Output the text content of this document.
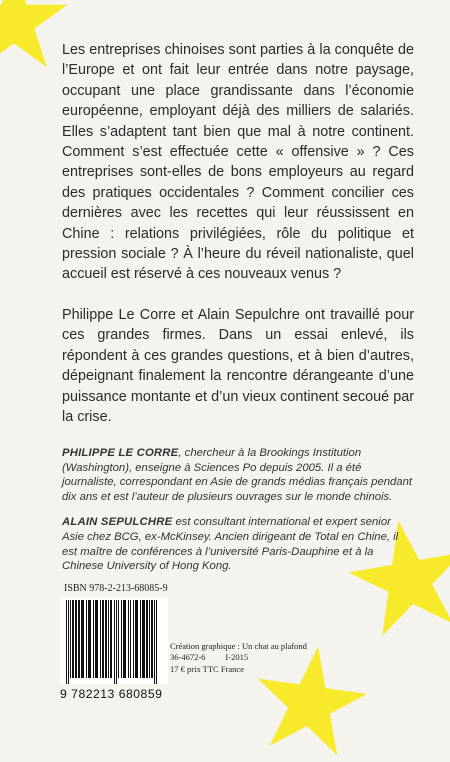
Les entreprises chinoises sont parties à la conquête de l’Europe et ont fait leur entrée dans notre paysage, occupant une place grandissante dans l’économie européenne, employant déjà des milliers de salariés. Elles s’adaptent tant bien que mal à notre continent. Comment s’est effectuée cette « offensive » ? Ces entreprises sont-elles de bons employeurs au regard des pratiques occidentales ? Comment concilier ces dernières avec les recettes qui leur réussissent en Chine : relations privilégiées, rôle du politique et pression sociale ? À l’heure du réveil nationaliste, quel accueil est réservé à ces nouveaux venus ?

Philippe Le Corre et Alain Sepulchre ont travaillé pour ces grandes firmes. Dans un essai enlevé, ils répondent à ces grandes questions, et à bien d’autres, dépeignant finalement la rencontre dérangeante d’une puissance montante et d’un vieux continent secoué par la crise.

PHILIPPE LE CORRE, chercheur à la Brookings Institution (Washington), enseigne à Sciences Po depuis 2005. Il a été journaliste, correspondant en Asie de grands médias français pendant dix ans et est l’auteur de plusieurs ouvrages sur le monde chinois.

ALAIN SEPULCHRE est consultant international et expert senior Asie chez BCG, ex-McKinsey. Ancien dirigeant de Total en Chine, il est maître de conférences à l’université Paris-Dauphine et à la Chinese University of Hong Kong.

ISBN 978-2-213-68085-9
9 782213 680859
Création graphique : Un chat au plafond
36-4672-6 I-2015
17 € prix TTC France
